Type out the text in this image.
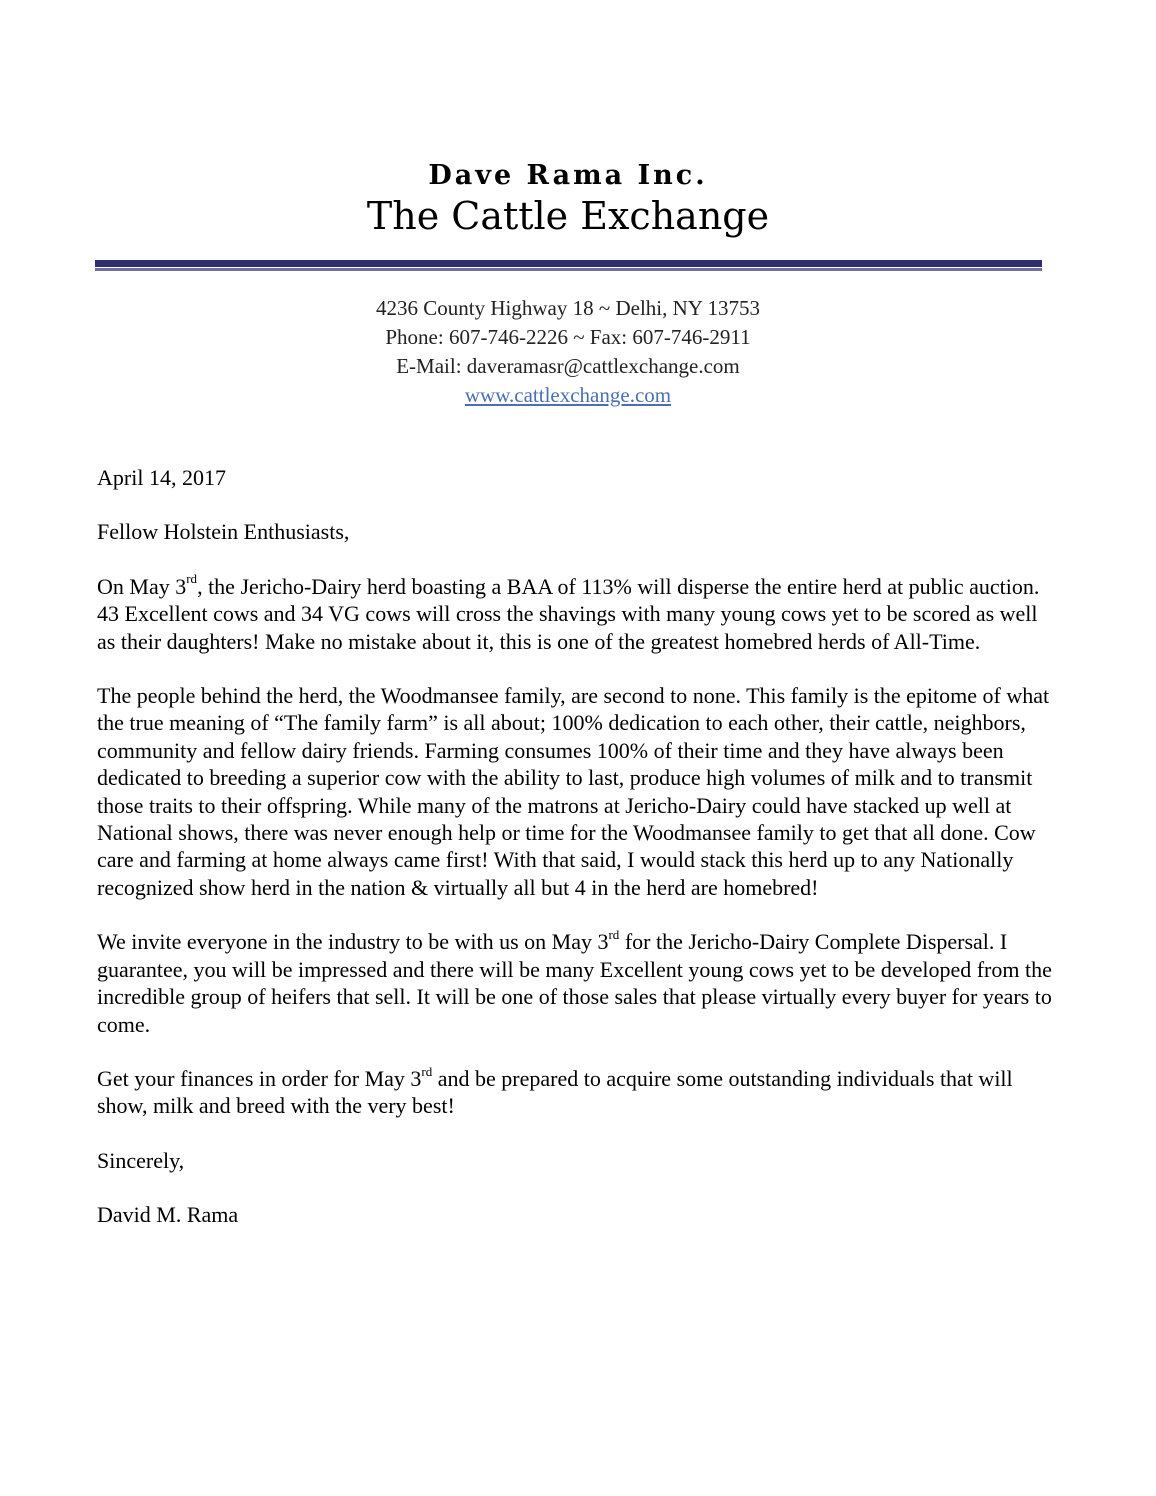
Dave Rama Inc.
The Cattle Exchange
4236 County Highway 18 ~ Delhi, NY 13753
Phone: 607-746-2226 ~ Fax: 607-746-2911
E-Mail: daveramasr@cattlexchange.com
www.cattlexchange.com

April 14, 2017

Fellow Holstein Enthusiasts,

On May 3rd, the Jericho-Dairy herd boasting a BAA of 113% will disperse the entire herd at public auction. 43 Excellent cows and 34 VG cows will cross the shavings with many young cows yet to be scored as well as their daughters! Make no mistake about it, this is one of the greatest homebred herds of All-Time.

The people behind the herd, the Woodmansee family, are second to none. This family is the epitome of what the true meaning of “The family farm” is all about; 100% dedication to each other, their cattle, neighbors, community and fellow dairy friends. Farming consumes 100% of their time and they have always been dedicated to breeding a superior cow with the ability to last, produce high volumes of milk and to transmit those traits to their offspring. While many of the matrons at Jericho-Dairy could have stacked up well at National shows, there was never enough help or time for the Woodmansee family to get that all done. Cow care and farming at home always came first! With that said, I would stack this herd up to any Nationally recognized show herd in the nation & virtually all but 4 in the herd are homebred!

We invite everyone in the industry to be with us on May 3rd for the Jericho-Dairy Complete Dispersal. I guarantee, you will be impressed and there will be many Excellent young cows yet to be developed from the incredible group of heifers that sell. It will be one of those sales that please virtually every buyer for years to come.

Get your finances in order for May 3rd and be prepared to acquire some outstanding individuals that will show, milk and breed with the very best!

Sincerely,

David M. Rama
